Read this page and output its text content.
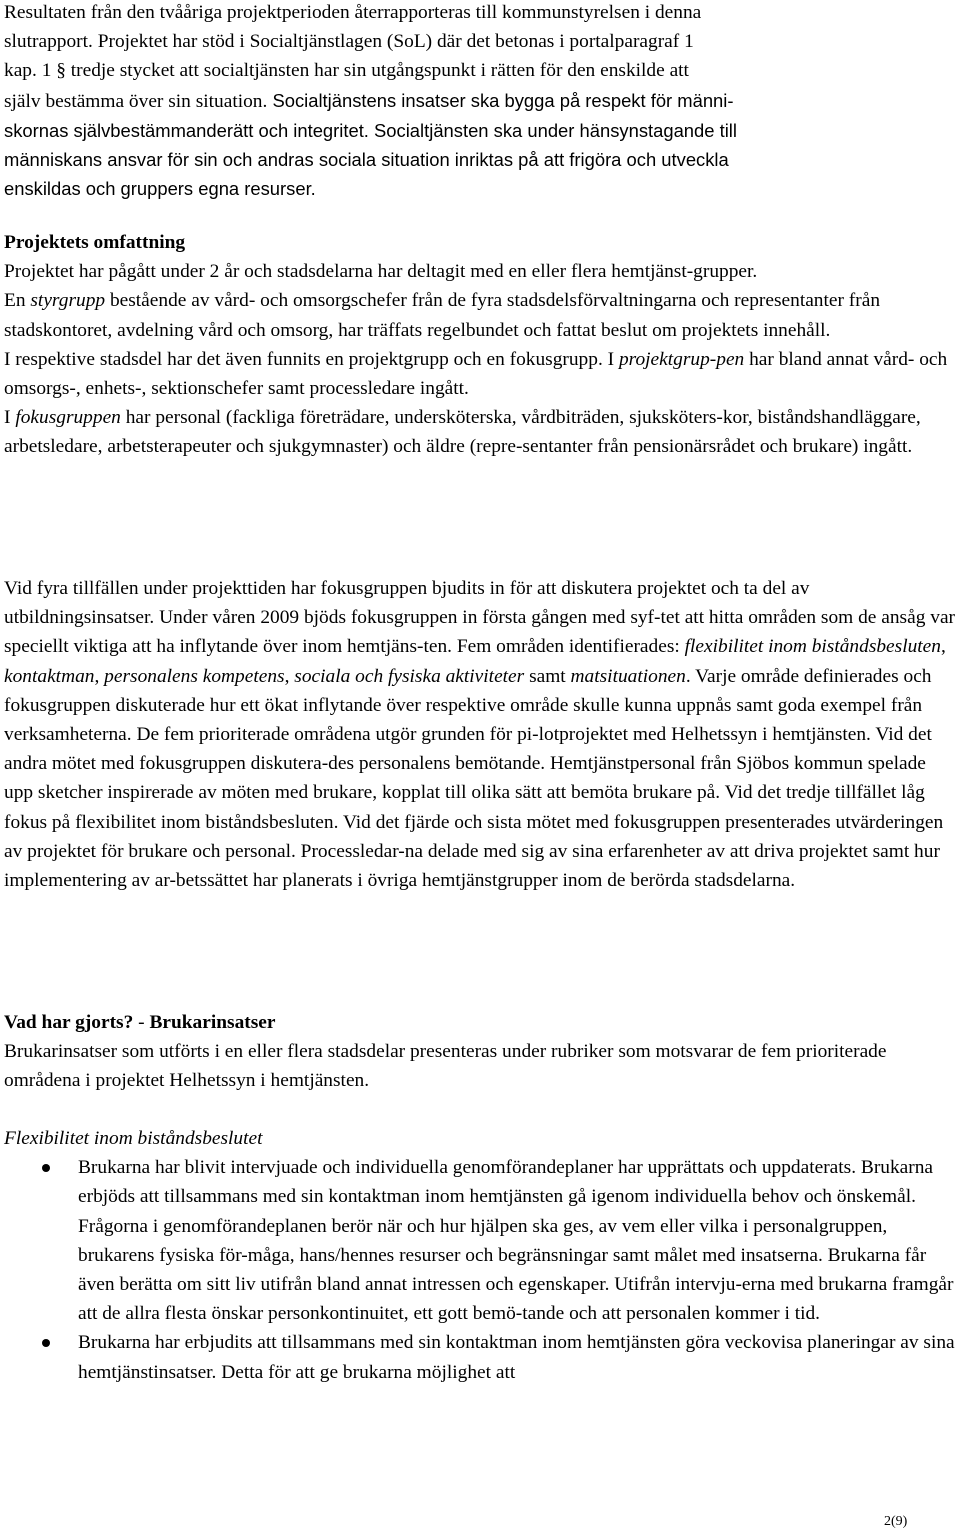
Resultaten från den tvååriga projektperioden återrapporteras till kommunstyrelsen i denna
slutrapport. Projektet har stöd i Socialtjänstlagen (SoL) där det betonas i portalparagraf 1
kap. 1 § tredje stycket att socialtjänsten har sin utgångspunkt i rätten för den enskilde att
själv bestämma över sin situation. Socialtjänstens insatser ska bygga på respekt för männi-
skornas självbestämmanderätt och integritet. Socialtjänsten ska under hänsynstagande till
människans ansvar för sin och andras sociala situation inriktas på att frigöra och utveckla
enskildas och gruppers egna resurser.

Projektets omfattning

Projektet har pågått under 2 år och stadsdelarna har deltagit med en eller flera hemtjänst-grupper.

En styrgrupp bestående av vård- och omsorgschefer från de fyra stadsdelsförvaltningarna och representanter från stadskontoret, avdelning vård och omsorg, har träffats regelbundet och fattat beslut om projektets innehåll.

I respektive stadsdel har det även funnits en projektgrupp och en fokusgrupp. I projektgrup-pen har bland annat vård- och omsorgs-, enhets-, sektionschefer samt processledare ingått.

I fokusgruppen har personal (fackliga företrädare, undersköterska, vårdbiträden, sjuksköters-kor, biståndshandläggare, arbetsledare, arbetsterapeuter och sjukgymnaster) och äldre (repre-sentanter från pensionärsrådet och brukare) ingått.

Vid fyra tillfällen under projekttiden har fokusgruppen bjudits in för att diskutera projektet och ta del av utbildningsinsatser. Under våren 2009 bjöds fokusgruppen in första gången med syf-tet att hitta områden som de ansåg var speciellt viktiga att ha inflytande över inom hemtjäns-ten. Fem områden identifierades: flexibilitet inom biståndsbesluten, kontaktman, personalens kompetens, sociala och fysiska aktiviteter samt matsituationen. Varje område definierades och fokusgruppen diskuterade hur ett ökat inflytande över respektive område skulle kunna uppnås samt goda exempel från verksamheterna. De fem prioriterade områdena utgör grunden för pi-lotprojektet med Helhetssyn i hemtjänsten. Vid det andra mötet med fokusgruppen diskutera-des personalens bemötande. Hemtjänstpersonal från Sjöbos kommun spelade upp sketcher inspirerade av möten med brukare, kopplat till olika sätt att bemöta brukare på. Vid det tredje tillfället låg fokus på flexibilitet inom biståndsbesluten. Vid det fjärde och sista mötet med fokusgruppen presenterades utvärderingen av projektet för brukare och personal. Processledar-na delade med sig av sina erfarenheter av att driva projektet samt hur implementering av ar-betssättet har planerats i övriga hemtjänstgrupper inom de berörda stadsdelarna.

Vad har gjorts? - Brukarinsatser

Brukarinsatser som utförts i en eller flera stadsdelar presenteras under rubriker som motsvarar de fem prioriterade områdena i projektet Helhetssyn i hemtjänsten.

Flexibilitet inom biståndsbeslutet

Brukarna har blivit intervjuade och individuella genomförandeplaner har upprättats och uppdaterats. Brukarna erbjöds att tillsammans med sin kontaktman inom hemtjänsten gå igenom individuella behov och önskemål. Frågorna i genomförandeplanen berör när och hur hjälpen ska ges, av vem eller vilka i personalgruppen, brukarens fysiska för-måga, hans/hennes resurser och begränsningar samt målet med insatserna. Brukarna får även berätta om sitt liv utifrån bland annat intressen och egenskaper. Utifrån intervju-erna med brukarna framgår att de allra flesta önskar personkontinuitet, ett gott bemö-tande och att personalen kommer i tid.
Brukarna har erbjudits att tillsammans med sin kontaktman inom hemtjänsten göra veckovisa planeringar av sina hemtjänstinsatser. Detta för att ge brukarna möjlighet att
2(9)
